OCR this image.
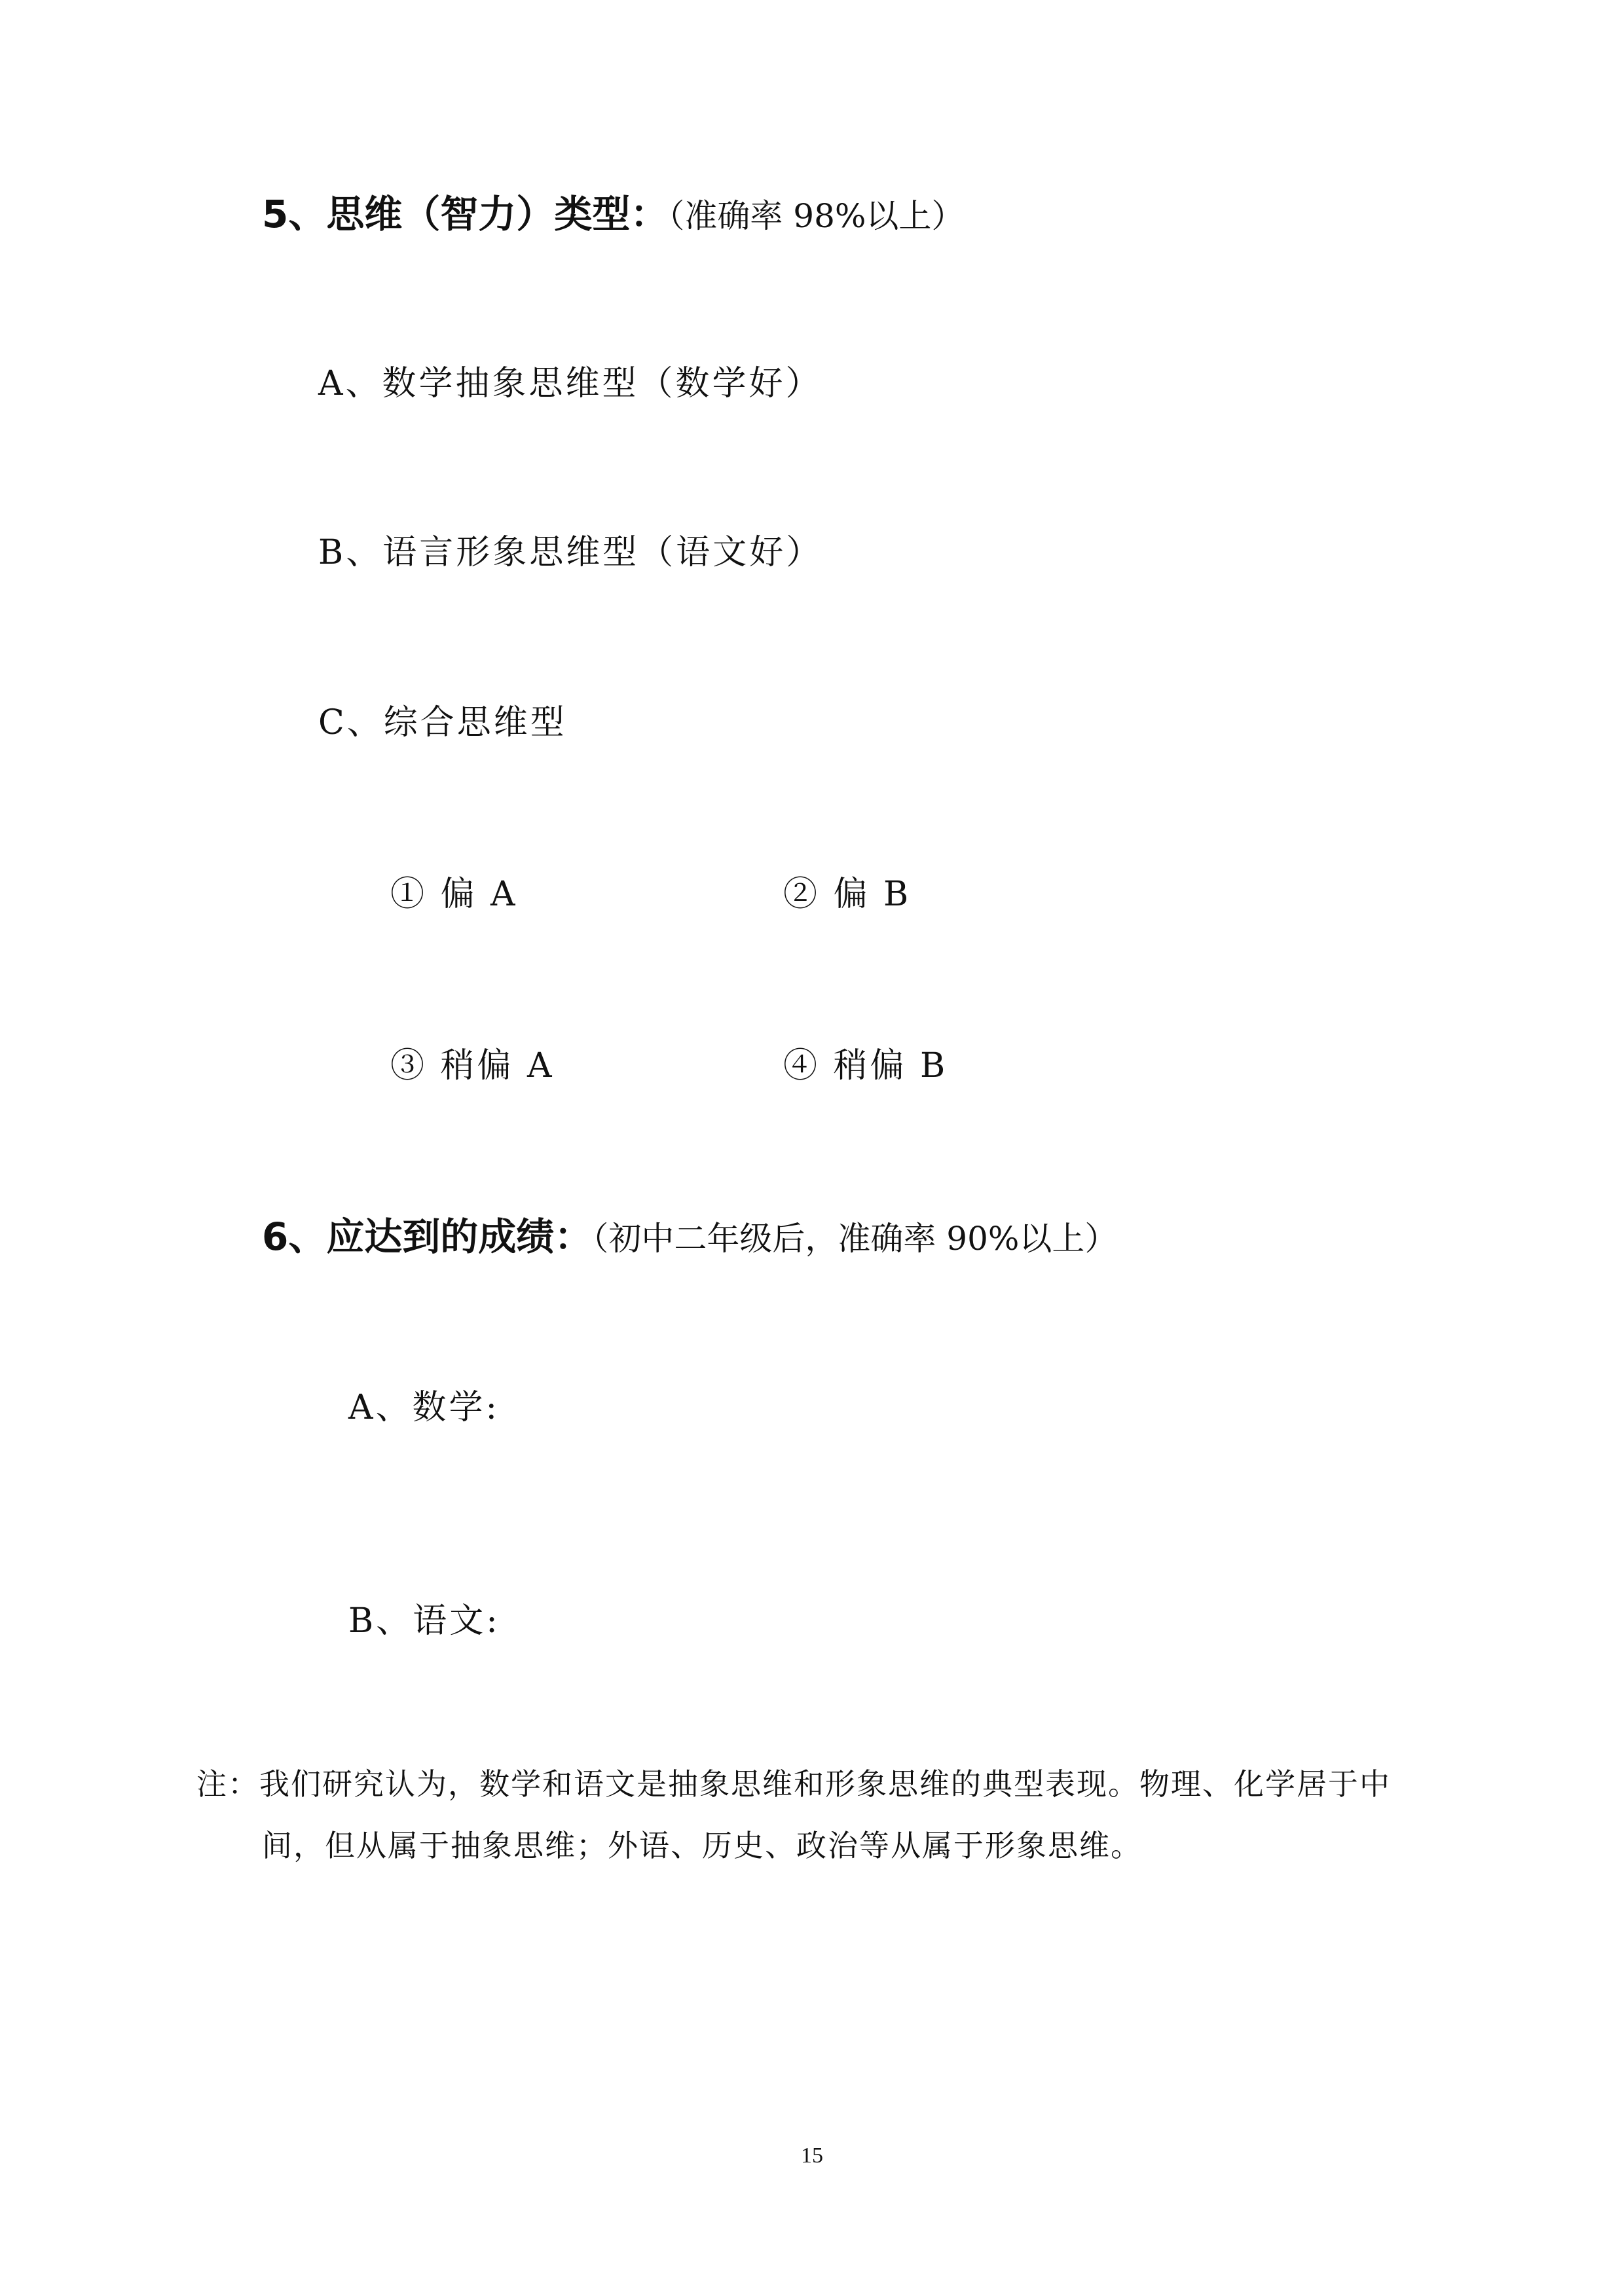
5、思维（智力）类型：（准确率 98%以上）
A、数学抽象思维型（数学好）
B、语言形象思维型（语文好）
C、综合思维型
① 偏 A	② 偏 B
③ 稍偏 A	④ 稍偏 B
6、应达到的成绩：（初中二年级后，准确率 90%以上）
A、数学:
B、语文:
注：我们研究认为，数学和语文是抽象思维和形象思维的典型表现。物理、化学居于中
间，但从属于抽象思维；外语、历史、政治等从属于形象思维。
15
